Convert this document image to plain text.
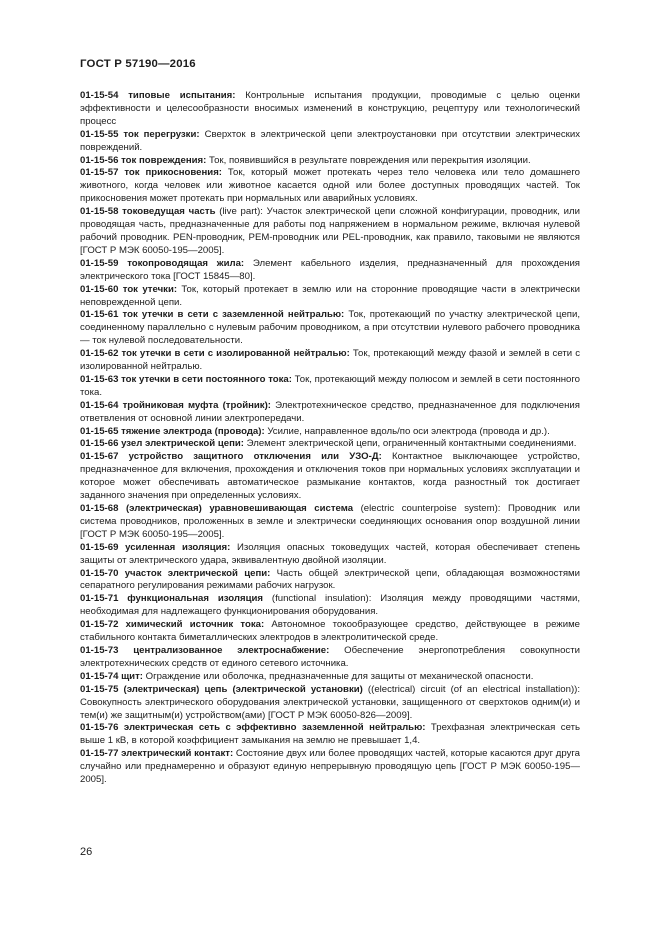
ГОСТ Р 57190—2016

01-15-54 типовые испытания: Контрольные испытания продукции, проводимые с целью оценки эффективности и целесообразности вносимых изменений в конструкцию, рецептуру или технологический процесс

01-15-55 ток перегрузки: Сверхток в электрической цепи электроустановки при отсутствии электрических повреждений.

01-15-56 ток повреждения: Ток, появившийся в результате повреждения или перекрытия изоляции.

01-15-57 ток прикосновения: Ток, который может протекать через тело человека или тело домашнего животного, когда человек или животное касается одной или более доступных проводящих частей. Ток прикосновения может протекать при нормальных или аварийных условиях.

01-15-58 токоведущая часть (live part): Участок электрической цепи сложной конфигурации, проводник, или проводящая часть, предназначенные для работы под напряжением в нормальном режиме, включая нулевой рабочий проводник. PEN-проводник, PEM-проводник или PEL-проводник, как правило, таковыми не являются [ГОСТ Р МЭК 60050-195—2005].

01-15-59 токопроводящая жила: Элемент кабельного изделия, предназначенный для прохождения электрического тока [ГОСТ 15845—80].

01-15-60 ток утечки: Ток, который протекает в землю или на сторонние проводящие части в электрически неповрежденной цепи.

01-15-61 ток утечки в сети с заземленной нейтралью: Ток, протекающий по участку электрической цепи, соединенному параллельно с нулевым рабочим проводником, а при отсутствии нулевого рабочего проводника — ток нулевой последовательности.

01-15-62 ток утечки в сети с изолированной нейтралью: Ток, протекающий между фазой и землей в сети с изолированной нейтралью.

01-15-63 ток утечки в сети постоянного тока: Ток, протекающий между полюсом и землей в сети постоянного тока.

01-15-64 тройниковая муфта (тройник): Электротехническое средство, предназначенное для подключения ответвления от основной линии электропередачи.

01-15-65 тяжение электрода (провода): Усилие, направленное вдоль/по оси электрода (провода и др.).

01-15-66 узел электрической цепи: Элемент электрической цепи, ограниченный контактными соединениями.

01-15-67 устройство защитного отключения или УЗО-Д: Контактное выключающее устройство, предназначенное для включения, прохождения и отключения токов при нормальных условиях эксплуатации и которое может обеспечивать автоматическое размыкание контактов, когда разностный ток достигает заданного значения при определенных условиях.

01-15-68 (электрическая) уравновешивающая система (electric counterpoise system): Проводник или система проводников, проложенных в земле и электрически соединяющих основания опор воздушной линии [ГОСТ Р МЭК 60050-195—2005].

01-15-69 усиленная изоляция: Изоляция опасных токоведущих частей, которая обеспечивает степень защиты от электрического удара, эквивалентную двойной изоляции.

01-15-70 участок электрической цепи: Часть общей электрической цепи, обладающая возможностями сепаратного регулирования режимами рабочих нагрузок.

01-15-71 функциональная изоляция (functional insulation): Изоляция между проводящими частями, необходимая для надлежащего функционирования оборудования.

01-15-72 химический источник тока: Автономное токообразующее средство, действующее в режиме стабильного контакта биметаллических электродов в электролитической среде.

01-15-73 централизованное электроснабжение: Обеспечение энергопотребления совокупности электротехнических средств от единого сетевого источника.

01-15-74 щит: Ограждение или оболочка, предназначенные для защиты от механической опасности.

01-15-75 (электрическая) цепь (электрической установки) ((electrical) circuit (of an electrical installation)): Совокупность электрического оборудования электрической установки, защищенного от сверхтоков одним(и) и тем(и) же защитным(и) устройством(ами) [ГОСТ Р МЭК 60050-826—2009].

01-15-76 электрическая сеть с эффективно заземленной нейтралью: Трехфазная электрическая сеть выше 1 кВ, в которой коэффициент замыкания на землю не превышает 1,4.

01-15-77 электрический контакт: Состояние двух или более проводящих частей, которые касаются друг друга случайно или преднамеренно и образуют единую непрерывную проводящую цепь [ГОСТ Р МЭК 60050-195—2005].

26
